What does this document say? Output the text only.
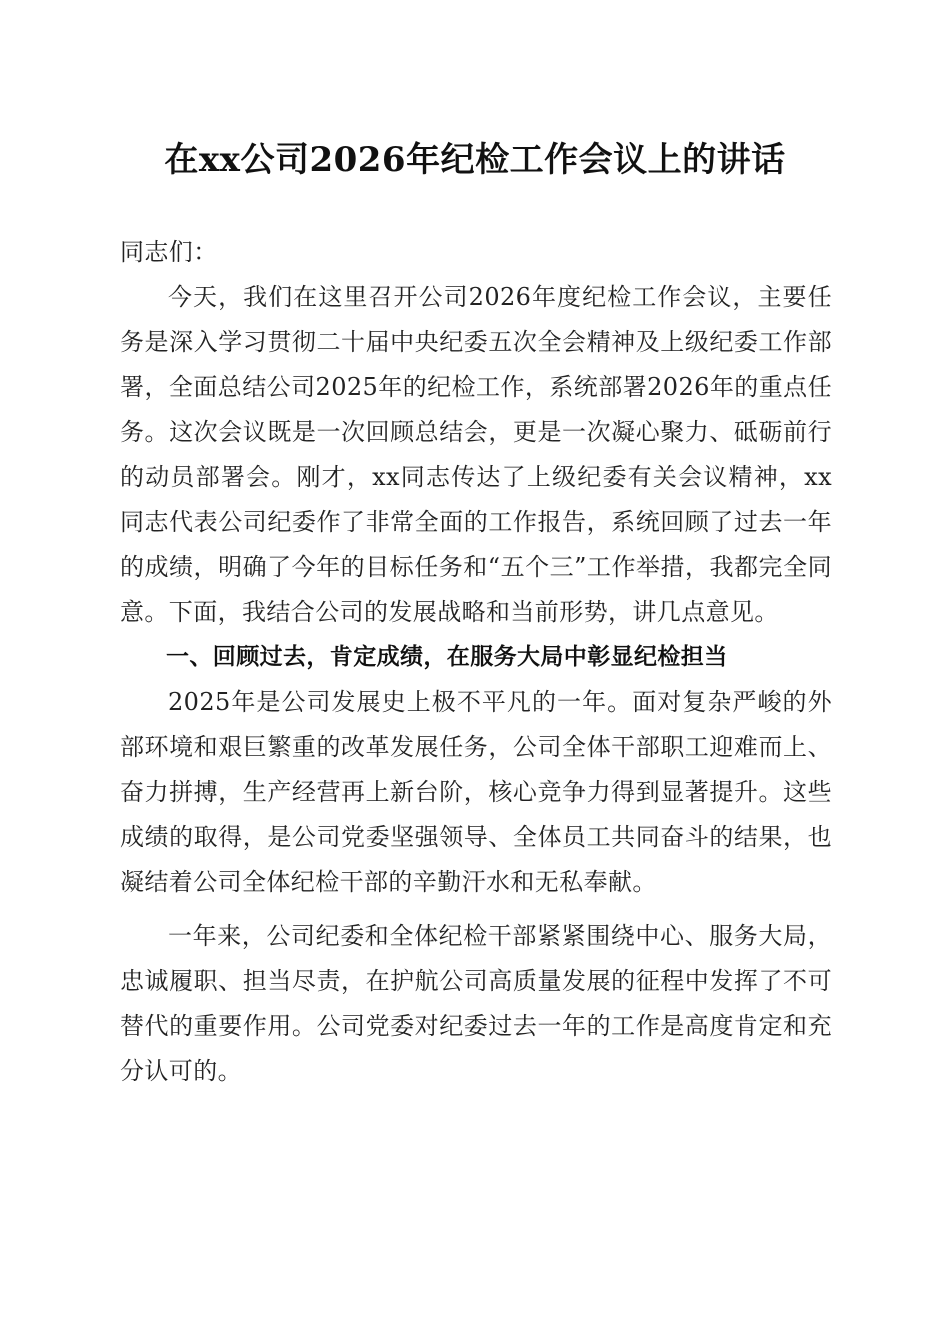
在xx公司2026年纪检工作会议上的讲话

同志们：

今天，我们在这里召开公司2026年度纪检工作会议，主要任务是深入学习贯彻二十届中央纪委五次全会精神及上级纪委工作部署，全面总结公司2025年的纪检工作，系统部署2026年的重点任务。这次会议既是一次回顾总结会，更是一次凝心聚力、砥砺前行的动员部署会。刚才，xx同志传达了上级纪委有关会议精神，xx同志代表公司纪委作了非常全面的工作报告，系统回顾了过去一年的成绩，明确了今年的目标任务和“五个三”工作举措，我都完全同意。下面，我结合公司的发展战略和当前形势，讲几点意见。

一、回顾过去，肯定成绩，在服务大局中彰显纪检担当

2025年是公司发展史上极不平凡的一年。面对复杂严峻的外部环境和艰巨繁重的改革发展任务，公司全体干部职工迎难而上、奋力拼搏，生产经营再上新台阶，核心竞争力得到显著提升。这些成绩的取得，是公司党委坚强领导、全体员工共同奋斗的结果，也凝结着公司全体纪检干部的辛勤汗水和无私奉献。

一年来，公司纪委和全体纪检干部紧紧围绕中心、服务大局，忠诚履职、担当尽责，在护航公司高质量发展的征程中发挥了不可替代的重要作用。公司党委对纪委过去一年的工作是高度肯定和充分认可的。
